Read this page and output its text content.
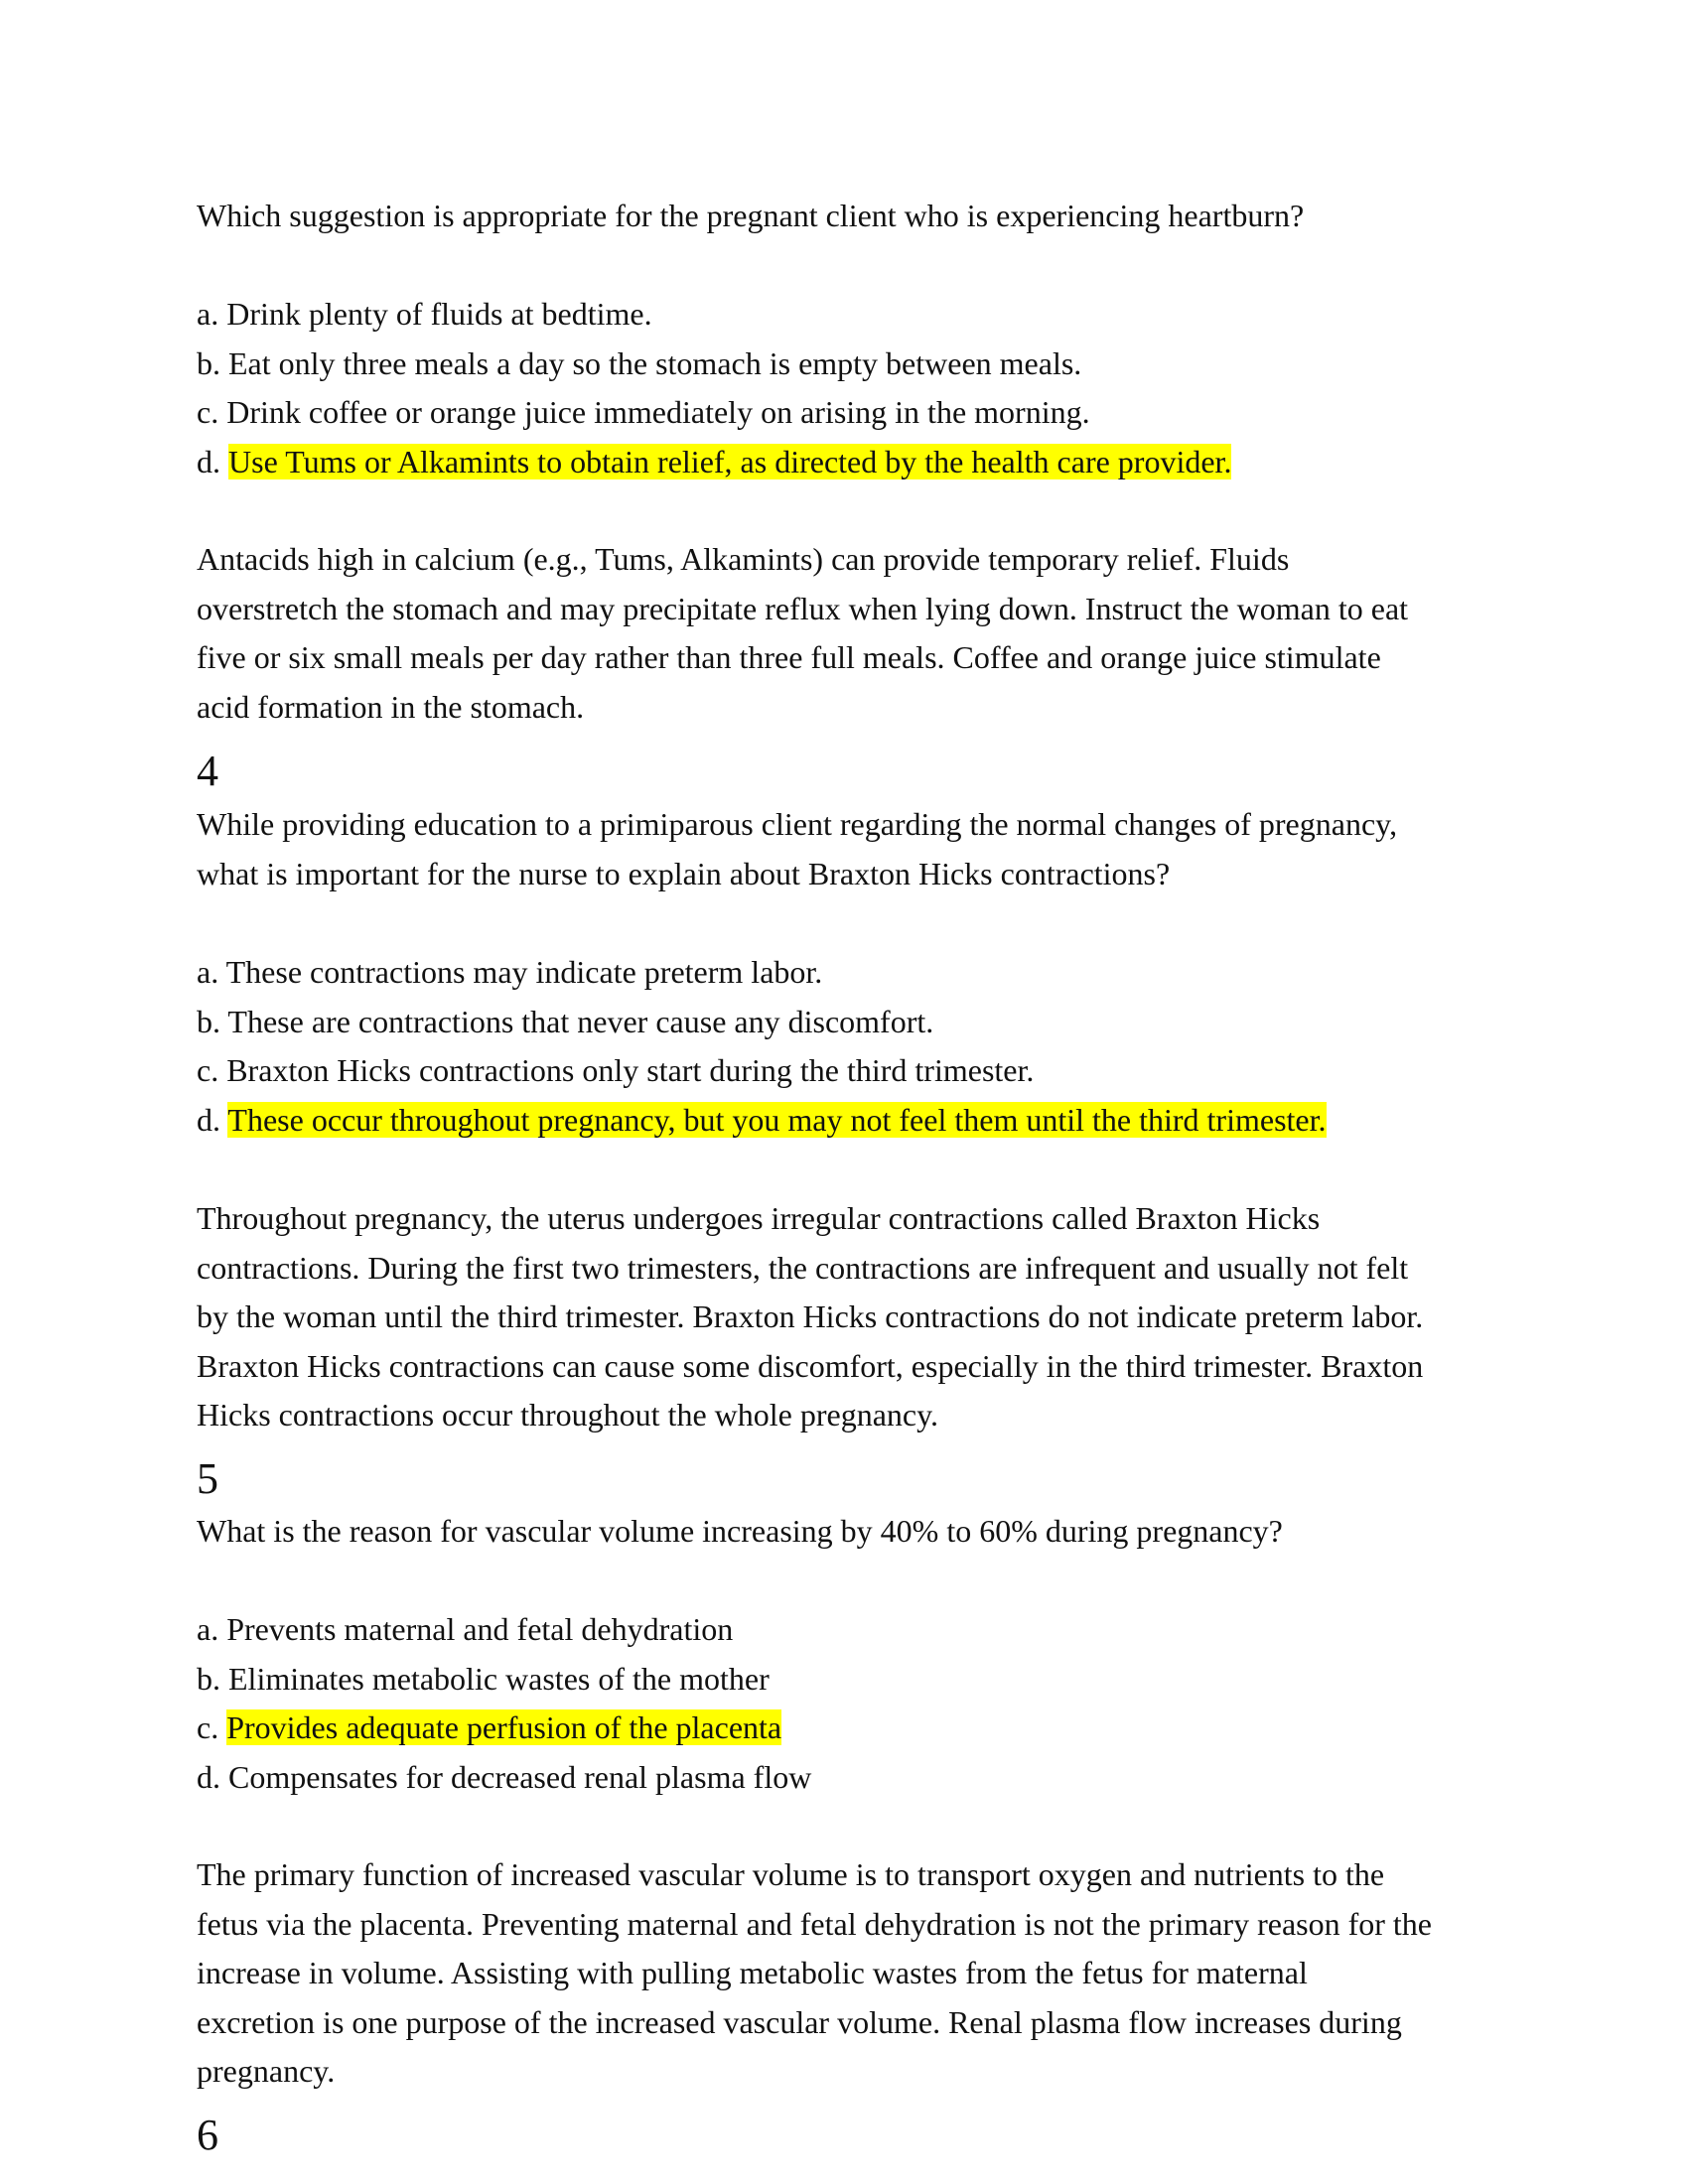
Which suggestion is appropriate for the pregnant client who is experiencing heartburn?
a. Drink plenty of fluids at bedtime.
b. Eat only three meals a day so the stomach is empty between meals.
c. Drink coffee or orange juice immediately on arising in the morning.
d. Use Tums or Alkamints to obtain relief, as directed by the health care provider.
Antacids high in calcium (e.g., Tums, Alkamints) can provide temporary relief. Fluids
overstretch the stomach and may precipitate reflux when lying down. Instruct the woman to eat
five or six small meals per day rather than three full meals. Coffee and orange juice stimulate
acid formation in the stomach.
4
While providing education to a primiparous client regarding the normal changes of pregnancy,
what is important for the nurse to explain about Braxton Hicks contractions?
a. These contractions may indicate preterm labor.
b. These are contractions that never cause any discomfort.
c. Braxton Hicks contractions only start during the third trimester.
d. These occur throughout pregnancy, but you may not feel them until the third trimester.
Throughout pregnancy, the uterus undergoes irregular contractions called Braxton Hicks
contractions. During the first two trimesters, the contractions are infrequent and usually not felt
by the woman until the third trimester. Braxton Hicks contractions do not indicate preterm labor.
Braxton Hicks contractions can cause some discomfort, especially in the third trimester. Braxton
Hicks contractions occur throughout the whole pregnancy.
5
What is the reason for vascular volume increasing by 40% to 60% during pregnancy?
a. Prevents maternal and fetal dehydration
b. Eliminates metabolic wastes of the mother
c. Provides adequate perfusion of the placenta
d. Compensates for decreased renal plasma flow
The primary function of increased vascular volume is to transport oxygen and nutrients to the
fetus via the placenta. Preventing maternal and fetal dehydration is not the primary reason for the
increase in volume. Assisting with pulling metabolic wastes from the fetus for maternal
excretion is one purpose of the increased vascular volume. Renal plasma flow increases during
pregnancy.
6
